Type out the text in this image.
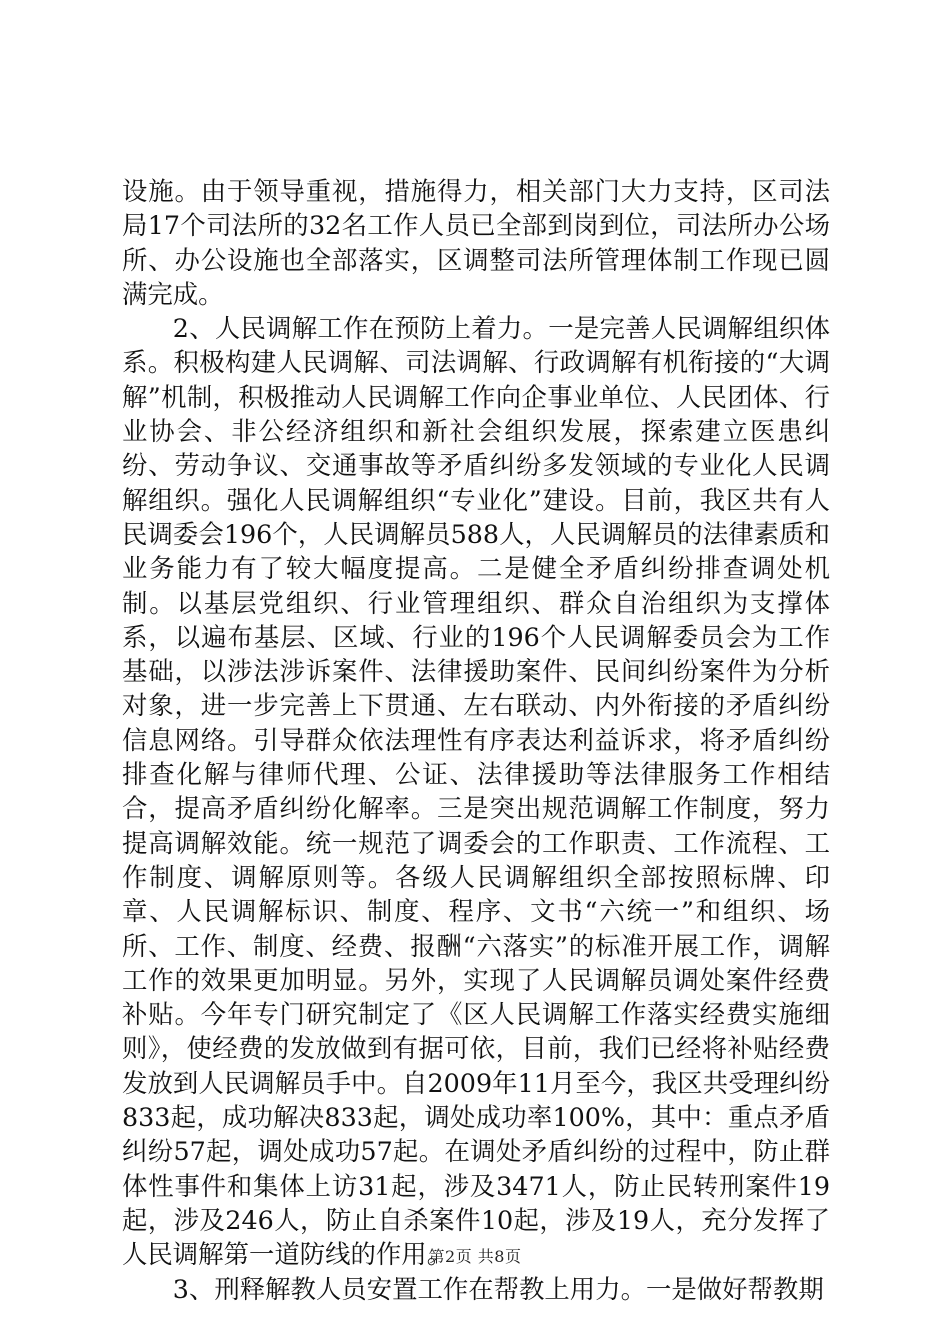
设施。由于领导重视，措施得力，相关部门大力支持，区司法局17个司法所的32名工作人员已全部到岗到位，司法所办公场所、办公设施也全部落实，区调整司法所管理体制工作现已圆满完成。

2、人民调解工作在预防上着力。一是完善人民调解组织体系。积极构建人民调解、司法调解、行政调解有机衔接的“大调解”机制，积极推动人民调解工作向企事业单位、人民团体、行业协会、非公经济组织和新社会组织发展，探索建立医患纠纷、劳动争议、交通事故等矛盾纠纷多发领域的专业化人民调解组织。强化人民调解组织“专业化”建设。目前，我区共有人民调委会196个，人民调解员588人，人民调解员的法律素质和业务能力有了较大幅度提高。二是健全矛盾纠纷排查调处机制。以基层党组织、行业管理组织、群众自治组织为支撑体系，以遍布基层、区域、行业的196个人民调解委员会为工作基础，以涉法涉诉案件、法律援助案件、民间纠纷案件为分析对象，进一步完善上下贯通、左右联动、内外衔接的矛盾纠纷信息网络。引导群众依法理性有序表达利益诉求，将矛盾纠纷排查化解与律师代理、公证、法律援助等法律服务工作相结合，提高矛盾纠纷化解率。三是突出规范调解工作制度，努力提高调解效能。统一规范了调委会的工作职责、工作流程、工作制度、调解原则等。各级人民调解组织全部按照标牌、印章、人民调解标识、制度、程序、文书“六统一”和组织、场所、工作、制度、经费、报酬“六落实”的标准开展工作，调解工作的效果更加明显。另外，实现了人民调解员调处案件经费补贴。今年专门研究制定了《区人民调解工作落实经费实施细则》，使经费的发放做到有据可依，目前，我们已经将补贴经费发放到人民调解员手中。自2009年11月至今，我区共受理纠纷833起，成功解决833起，调处成功率100%，其中：重点矛盾纠纷57起，调处成功57起。在调处矛盾纠纷的过程中，防止群体性事件和集体上访31起，涉及3471人，防止民转刑案件19起，涉及246人，防止自杀案件10起，涉及19人，充分发挥了人民调解第一道防线的作用。

3、刑释解教人员安置工作在帮教上用力。一是做好帮教期

第2页 共8页
